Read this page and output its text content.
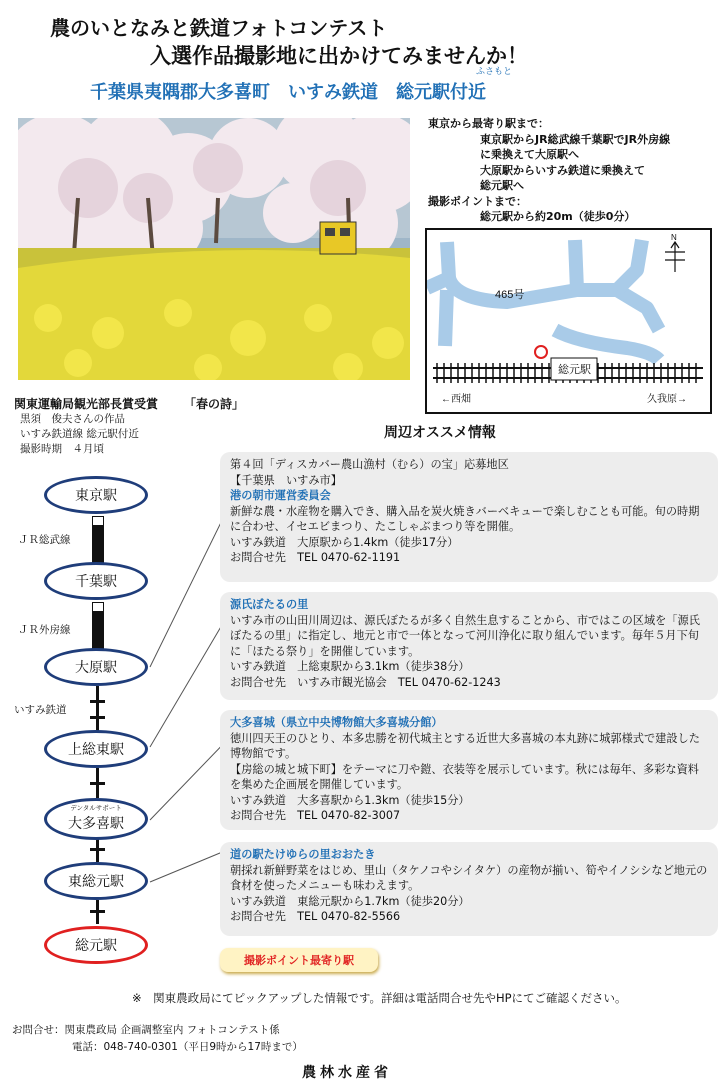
農のいとなみと鉄道フォトコンテスト
入選作品撮影地に出かけてみませんか！
ふさもと
千葉県夷隅郡大多喜町　いすみ鉄道　総元駅付近
東京から最寄り駅まで：
東京駅からJR総武線千葉駅でJR外房線
に乗換えて大原駅へ
大原駅からいすみ鉄道に乗換えて
総元駅へ
撮影ポイントまで：
総元駅から約20m（徒歩0分）
465号
N
総元駅
←西畑	久我原→
関東運輸局観光部長賞受賞 「春の詩」
黒須　俊夫さんの作品
いすみ鉄道線 総元駅付近
撮影時期　４月頃
周辺オススメ情報
ＪＲ総武線
ＪＲ外房線
いすみ鉄道
東京駅
千葉駅
大原駅
上総東駅
デンタルサポート
大多喜駅
東総元駅
総元駅

第４回「ディスカバー農山漁村（むら）の宝」応募地区

【千葉県　いすみ市】

港の朝市運営委員会

新鮮な農・水産物を購入でき、購入品を炭火焼きバーベキューで楽しむことも可能。旬の時期に合わせ、イセエビまつり、たこしゃぶまつり等を開催。

いすみ鉄道　大原駅から1.4km（徒歩17分）

お問合せ先　TEL 0470-62-1191

源氏ぼたるの里

いすみ市の山田川周辺は、源氏ぼたるが多く自然生息することから、市ではこの区域を「源氏ぼたるの里」に指定し、地元と市で一体となって河川浄化に取り組んでいます。毎年５月下旬に「ほたる祭り」を開催しています。

いすみ鉄道　上総東駅から3.1km（徒歩38分）

お問合せ先　いすみ市観光協会　TEL 0470-62-1243

大多喜城（県立中央博物館大多喜城分館）

徳川四天王のひとり、本多忠勝を初代城主とする近世大多喜城の本丸跡に城郭様式で建設した博物館です。
【房総の城と城下町】をテーマに刀や鎧、衣装等を展示しています。秋には毎年、多彩な資料を集めた企画展を開催しています。

いすみ鉄道　大多喜駅から1.3km（徒歩15分）

お問合せ先　TEL 0470-82-3007

道の駅たけゆらの里おおたき

朝採れ新鮮野菜をはじめ、里山（タケノコやシイタケ）の産物が揃い、筍やイノシシなど地元の食材を使ったメニューも味わえます。

いすみ鉄道　東総元駅から1.7km（徒歩20分）

お問合せ先　TEL 0470-82-5566

撮影ポイント最寄り駅
※　関東農政局にてピックアップした情報です。詳細は電話問合せ先やHPにてご確認ください。
お問合せ：関東農政局 企画調整室内 フォトコンテスト係
電話：048-740-0301（平日9時から17時まで）
農林水産省
